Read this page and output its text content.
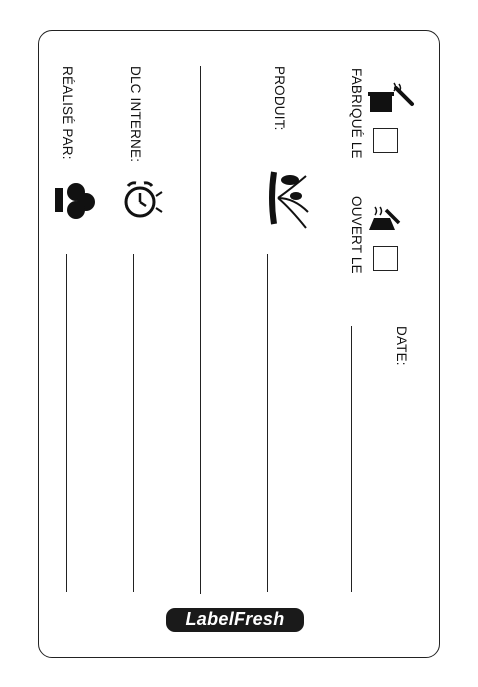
DATE:
FABRIQUÉ LE
OUVERT LE
PRODUIT:
DLC INTERNE:
RÉALISÉ PAR:
LabelFresh
